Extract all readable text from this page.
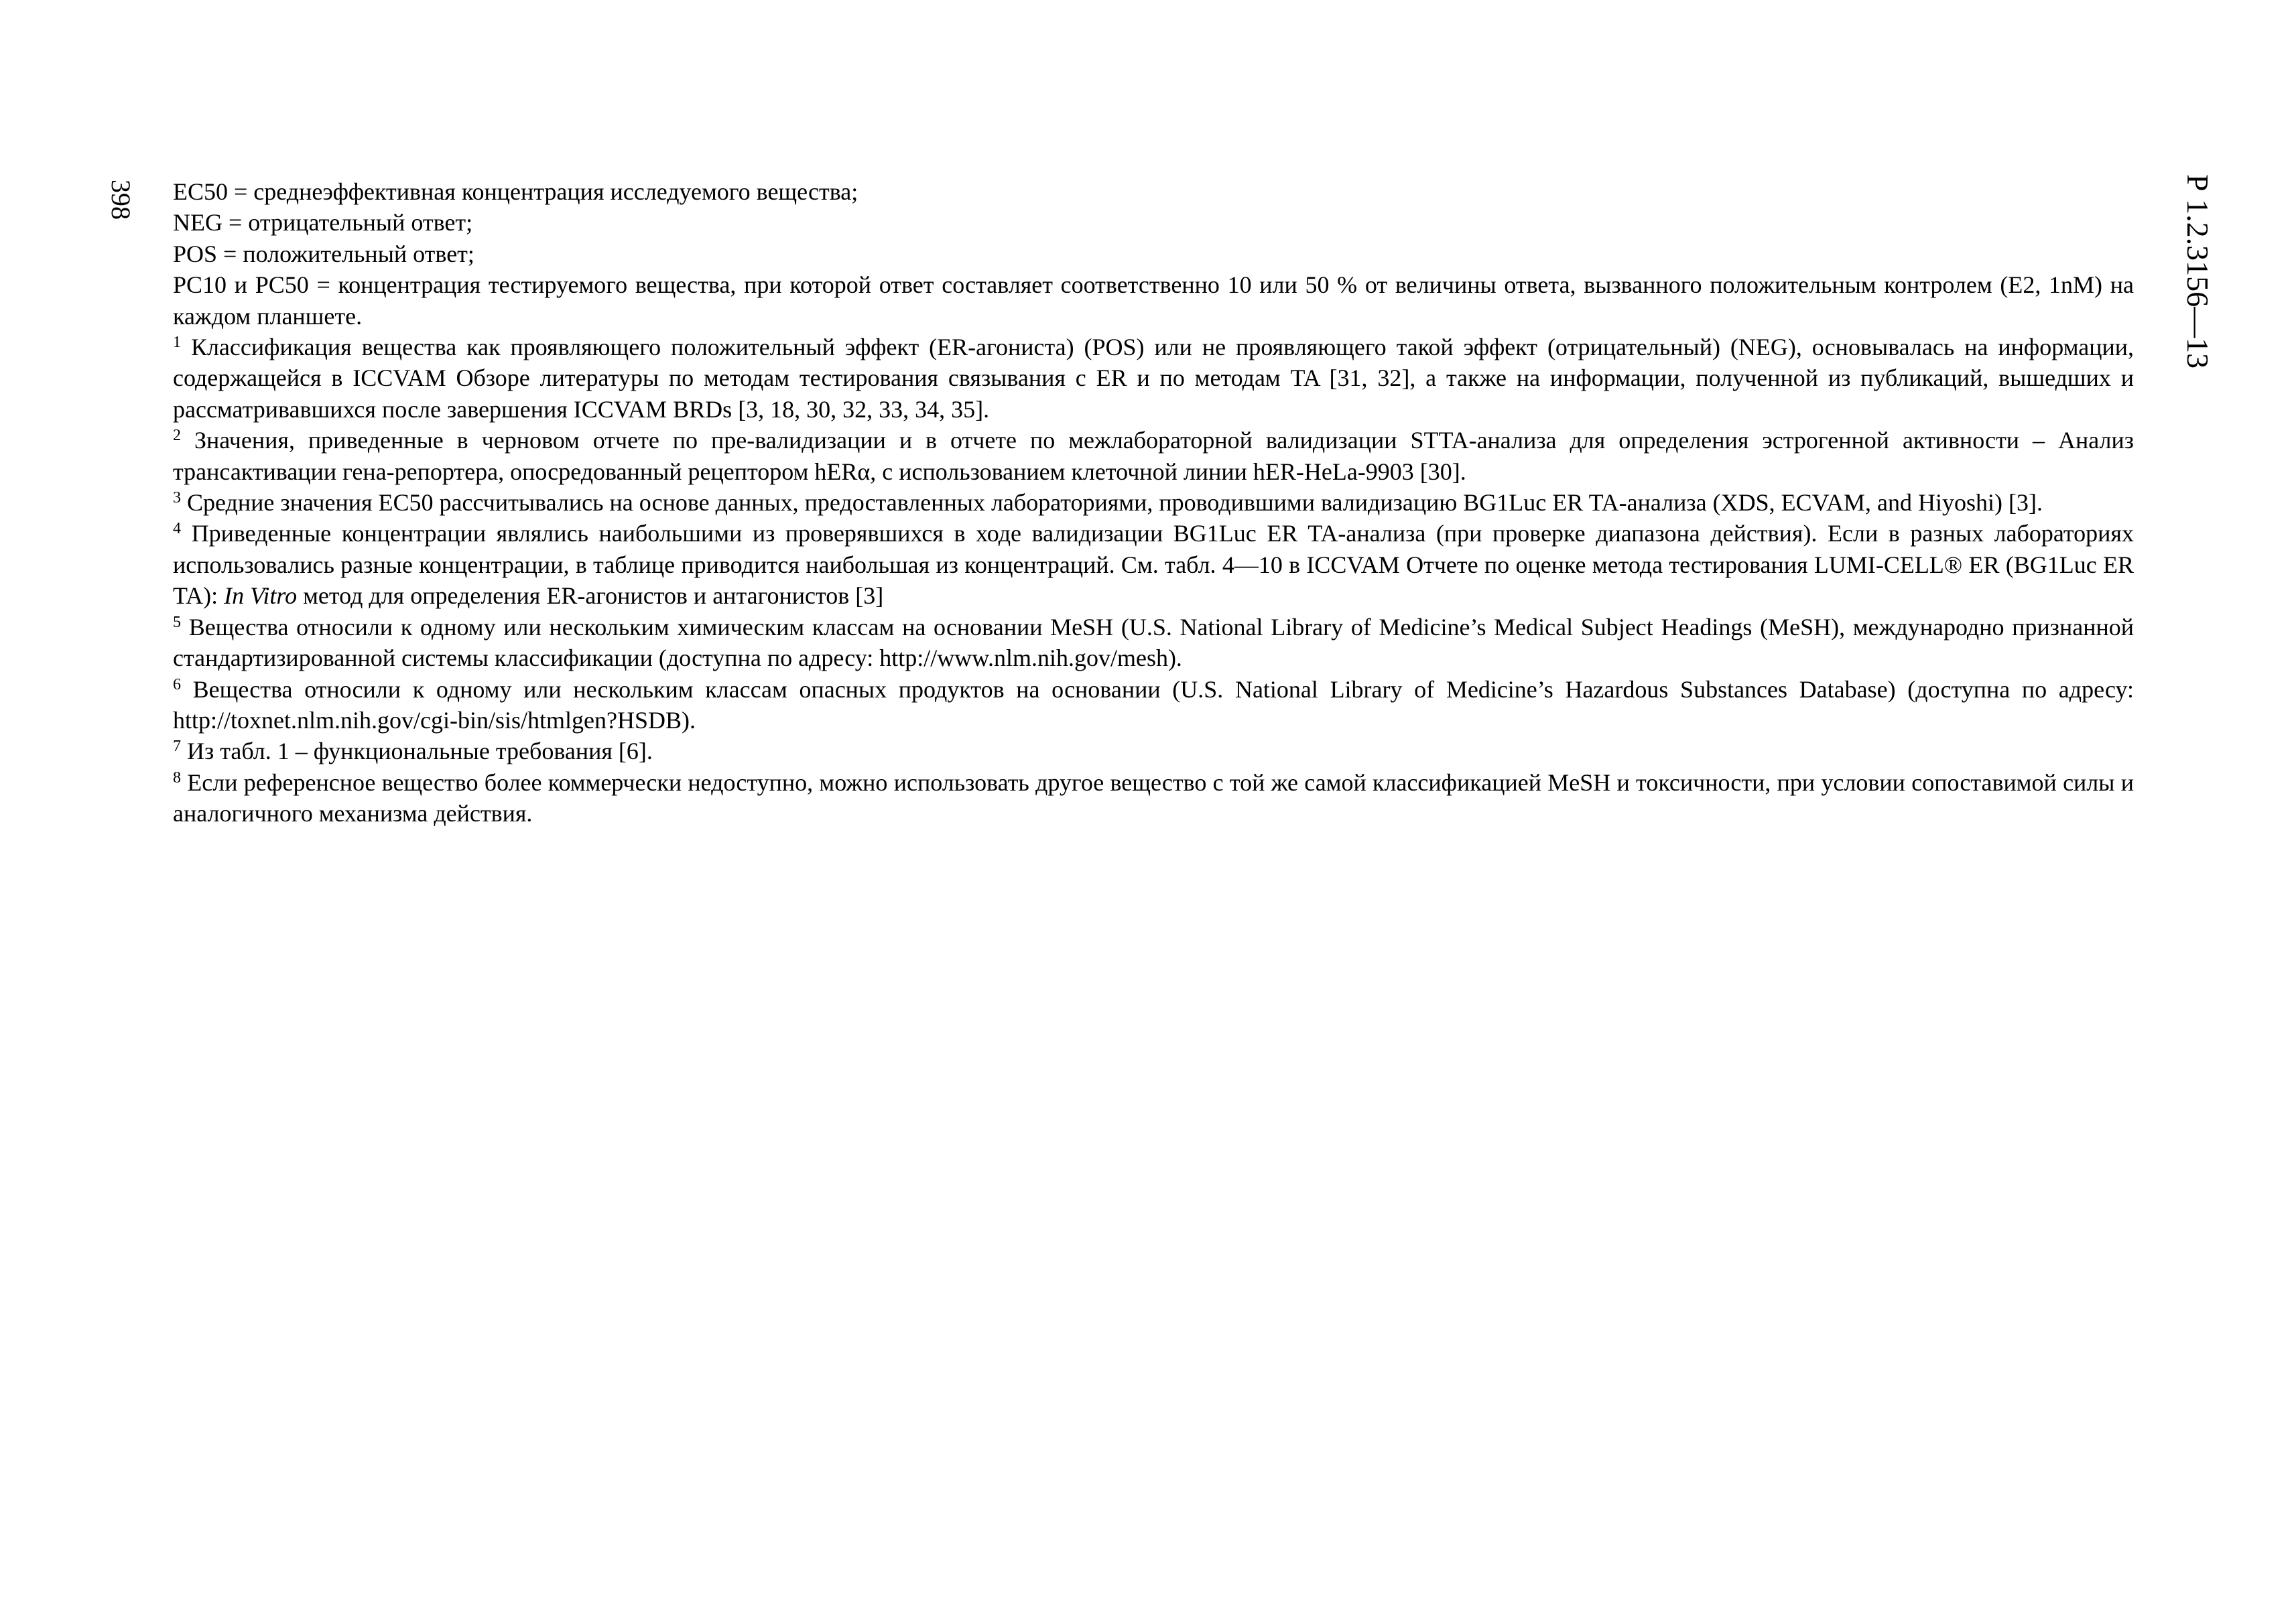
398	Р 1.2.3156—13

EC50 = среднеэффективная концентрация исследуемого вещества;

NEG = отрицательный ответ;

POS = положительный ответ;

PC10 и PC50 = концентрация тестируемого вещества, при которой ответ составляет соответственно 10 или 50 % от величины ответа, вызванного положительным контролем (E2, 1nM) на каждом планшете.

$^1$ Классификация вещества как проявляющего положительный эффект (ER-агониста) (POS) или не проявляющего такой эффект (отрицательный) (NEG), основывалась на информации, содержащейся в ICCVAM Обзоре литературы по методам тестирования связывания с ER и по методам TA [31, 32], а также на информации, полученной из публикаций, вышедших и рассматривавшихся после завершения ICCVAM BRDs [3, 18, 30, 32, 33, 34, 35].

$^2$ Значения, приведенные в черновом отчете по пре-валидизации и в отчете по межлабораторной валидизации STTA-анализа для определения эстрогенной активности – Анализ трансактивации гена-репортера, опосредованный рецептором hERα, с использованием клеточной линии hER-HeLa-9903 [30].

$^3$ Средние значения EC50 рассчитывались на основе данных, предоставленных лабораториями, проводившими валидизацию BG1Luc ER TA-анализа (XDS, ECVAM, and Hiyoshi) [3].

$^4$ Приведенные концентрации являлись наибольшими из проверявшихся в ходе валидизации BG1Luc ER TA-анализа (при проверке диапазона действия). Если в разных лабораториях использовались разные концентрации, в таблице приводится наибольшая из концентраций. См. табл. 4—10 в ICCVAM Отчете по оценке метода тестирования LUMI-CELL® ER (BG1Luc ER TA): In Vitro метод для определения ER-агонистов и антагонистов [3]

$^5$ Вещества относили к одному или нескольким химическим классам на основании MeSH (U.S. National Library of Medicine’s Medical Subject Headings (MeSH), международно признанной стандартизированной системы классификации (доступна по адресу: http://www.nlm.nih.gov/mesh).

$^6$ Вещества относили к одному или нескольким классам опасных продуктов на основании (U.S. National Library of Medicine’s Hazardous Substances Database) (доступна по адресу: http://toxnet.nlm.nih.gov/cgi-bin/sis/htmlgen?HSDB).

$^7$ Из табл. 1 – функциональные требования [6].

$^8$ Если референсное вещество более коммерчески недоступно, можно использовать другое вещество с той же самой классификацией MeSH и токсичности, при условии сопоставимой силы и аналогичного механизма действия.
